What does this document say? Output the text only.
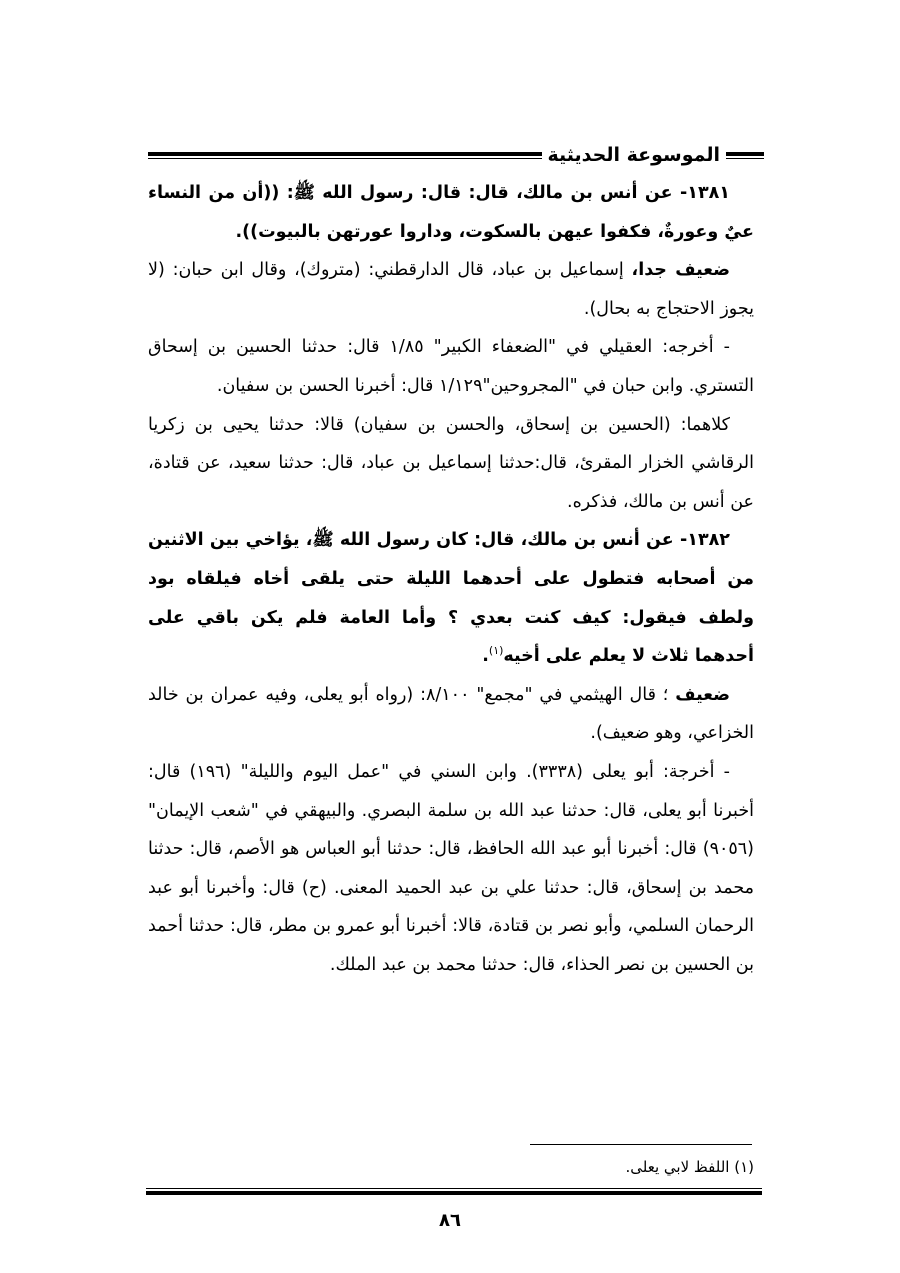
الموسوعة الحديثية

١٣٨١- عن أنس بن مالك، قال: قال: رسول الله ﷺ: ((أن من النساء عيٌ وعورةٌ، فكفوا عيهن بالسكوت، وداروا عورتهن بالبيوت)).

ضعيف جدا، إسماعيل بن عباد، قال الدارقطني: (متروك)، وقال ابن حبان: (لا يجوز الاحتجاج به بحال).

- أخرجه: العقيلي في "الضعفاء الكبير" ١/٨٥ قال: حدثنا الحسين بن إسحاق التستري. وابن حبان في "المجروحين"١/١٢٩ قال: أخبرنا الحسن بن سفيان.

كلاهما: (الحسين بن إسحاق، والحسن بن سفيان) قالا: حدثنا يحيى بن زكريا الرقاشي الخزار المقرئ، قال:حدثنا إسماعيل بن عباد، قال: حدثنا سعيد، عن قتادة، عن أنس بن مالك، فذكره.

١٣٨٢- عن أنس بن مالك، قال: كان رسول الله ﷺ، يؤاخي بين الاثنين من أصحابه فتطول على أحدهما الليلة حتى يلقى أخاه فيلقاه بود ولطف فيقول: كيف كنت بعدي ؟ وأما العامة فلم يكن باقي على أحدهما ثلاث لا يعلم على أخيه$^{(١)}$.

ضعيف ؛ قال الهيثمي في "مجمع" ٨/١٠٠: (رواه أبو يعلى، وفيه عمران بن خالد الخزاعي، وهو ضعيف).

- أخرجة: أبو يعلى (٣٣٣٨). وابن السني في "عمل اليوم والليلة" (١٩٦) قال: أخبرنا أبو يعلى، قال: حدثنا عبد الله بن سلمة البصري. والبيهقي في "شعب الإيمان" (٩٠٥٦) قال: أخبرنا أبو عبد الله الحافظ، قال: حدثنا أبو العباس هو الأصم، قال: حدثنا محمد بن إسحاق، قال: حدثنا علي بن عبد الحميد المعنى. (ح) قال: وأخبرنا أبو عبد الرحمان السلمي، وأبو نصر بن قتادة، قالا: أخبرنا أبو عمرو بن مطر، قال: حدثنا أحمد بن الحسين بن نصر الحذاء، قال: حدثنا محمد بن عبد الملك.

(١) اللفظ لابي يعلى.
٨٦
